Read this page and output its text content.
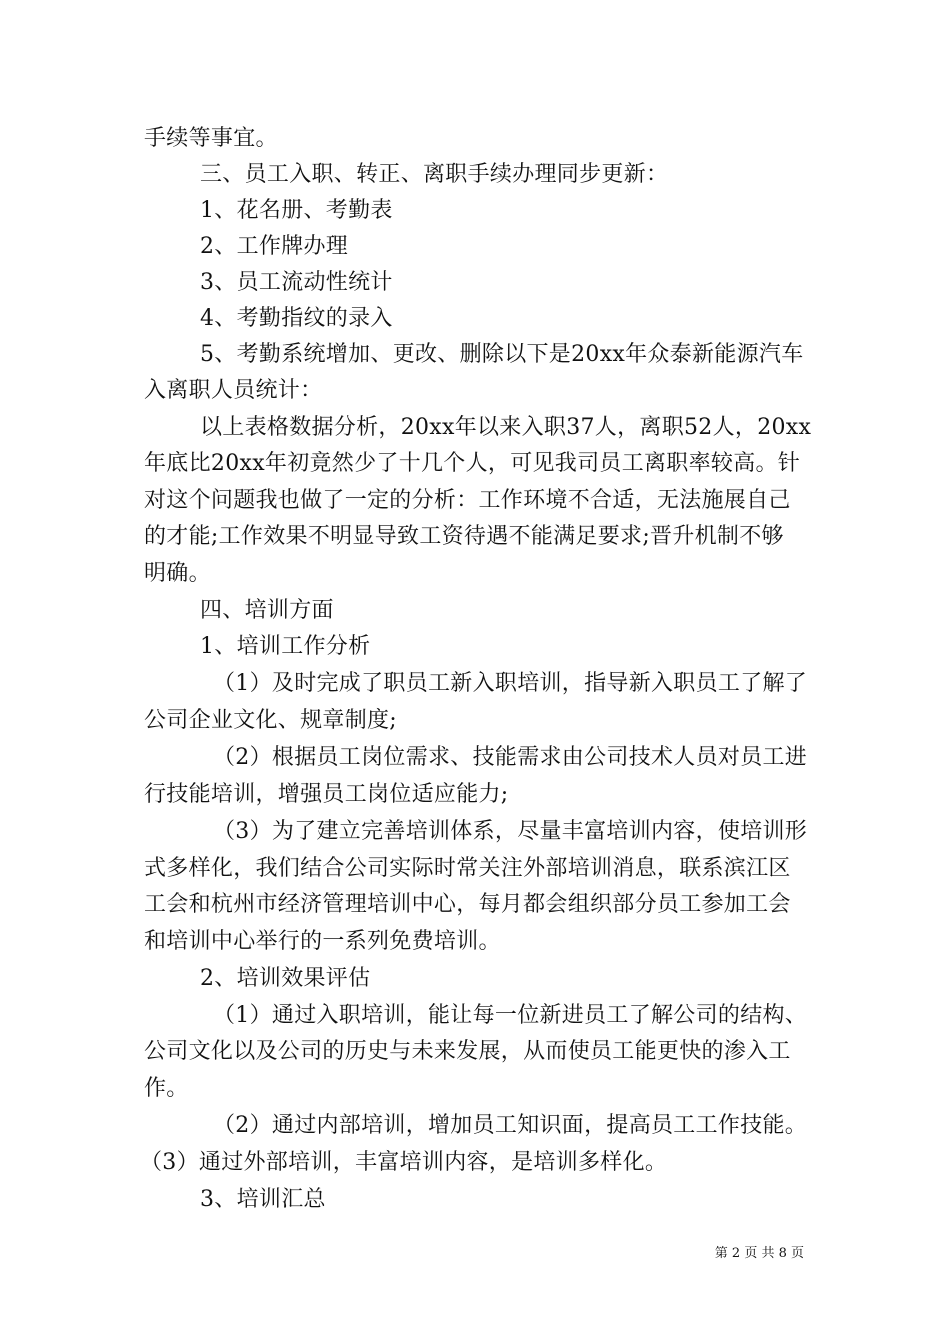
手续等事宜。
三、员工入职、转正、离职手续办理同步更新：
1、花名册、考勤表
2、工作牌办理
3、员工流动性统计
4、考勤指纹的录入
5、考勤系统增加、更改、删除以下是20xx年众泰新能源汽车
入离职人员统计：
以上表格数据分析，20xx年以来入职37人，离职52人，20xx
年底比20xx年初竟然少了十几个人，可见我司员工离职率较高。针
对这个问题我也做了一定的分析：工作环境不合适，无法施展自己
的才能;工作效果不明显导致工资待遇不能满足要求;晋升机制不够
明确。
四、培训方面
1、培训工作分析
（1）及时完成了职员工新入职培训，指导新入职员工了解了
公司企业文化、规章制度;
（2）根据员工岗位需求、技能需求由公司技术人员对员工进
行技能培训，增强员工岗位适应能力;
（3）为了建立完善培训体系，尽量丰富培训内容，使培训形
式多样化，我们结合公司实际时常关注外部培训消息，联系滨江区
工会和杭州市经济管理培训中心，每月都会组织部分员工参加工会
和培训中心举行的一系列免费培训。
2、培训效果评估
（1）通过入职培训，能让每一位新进员工了解公司的结构、
公司文化以及公司的历史与未来发展，从而使员工能更快的渗入工
作。
（2）通过内部培训，增加员工知识面，提高员工工作技能。
（3）通过外部培训，丰富培训内容，是培训多样化。
3、培训汇总
第 2 页 共 8 页
